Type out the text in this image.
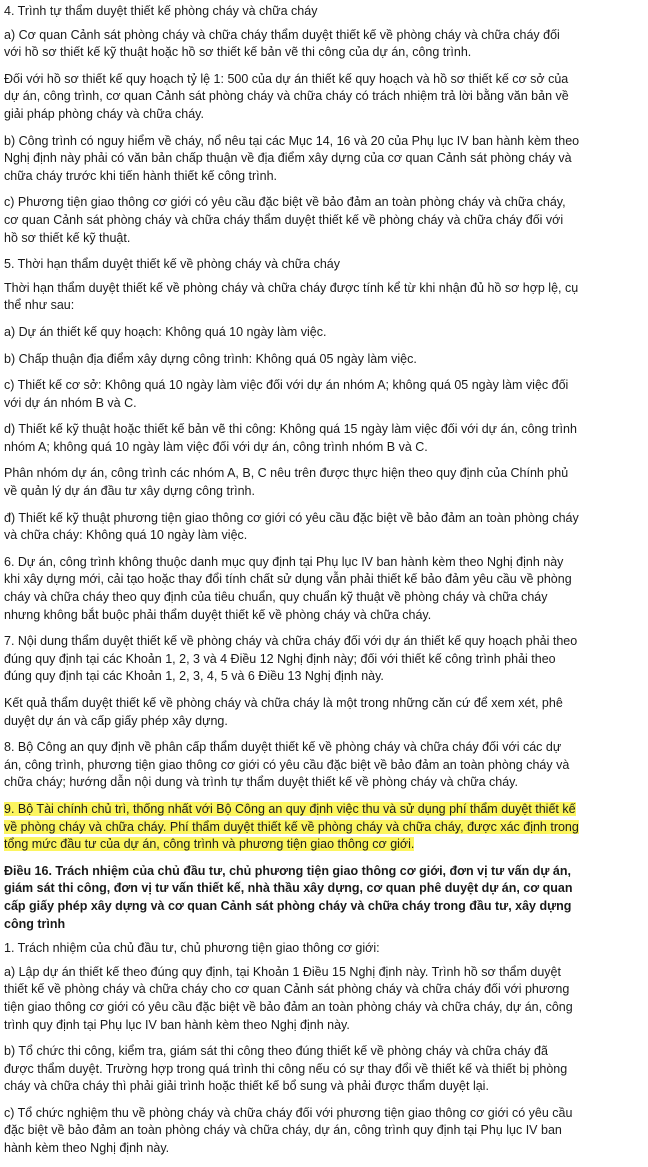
4. Trình tự thẩm duyệt thiết kế phòng cháy và chữa cháy

a) Cơ quan Cảnh sát phòng cháy và chữa cháy thẩm duyệt thiết kế về phòng cháy và chữa cháy đối với hồ sơ thiết kế kỹ thuật hoặc hồ sơ thiết kế bản vẽ thi công của dự án, công trình.

Đối với hồ sơ thiết kế quy hoạch tỷ lệ 1: 500 của dự án thiết kế quy hoạch và hồ sơ thiết kế cơ sở của dự án, công trình, cơ quan Cảnh sát phòng cháy và chữa cháy có trách nhiệm trả lời bằng văn bản về giải pháp phòng cháy và chữa cháy.

b) Công trình có nguy hiểm về cháy, nổ nêu tại các Mục 14, 16 và 20 của Phụ lục IV ban hành kèm theo Nghị định này phải có văn bản chấp thuận về địa điểm xây dựng của cơ quan Cảnh sát phòng cháy và chữa cháy trước khi tiến hành thiết kế công trình.

c) Phương tiện giao thông cơ giới có yêu cầu đặc biệt về bảo đảm an toàn phòng cháy và chữa cháy, cơ quan Cảnh sát phòng cháy và chữa cháy thẩm duyệt thiết kế về phòng cháy và chữa cháy đối với hồ sơ thiết kế kỹ thuật.

5. Thời hạn thẩm duyệt thiết kế về phòng cháy và chữa cháy

Thời hạn thẩm duyệt thiết kế về phòng cháy và chữa cháy được tính kể từ khi nhận đủ hồ sơ hợp lệ, cụ thể như sau:

a) Dự án thiết kế quy hoạch: Không quá 10 ngày làm việc.

b) Chấp thuận địa điểm xây dựng công trình: Không quá 05 ngày làm việc.

c) Thiết kế cơ sở: Không quá 10 ngày làm việc đối với dự án nhóm A; không quá 05 ngày làm việc đối với dự án nhóm B và C.

d) Thiết kế kỹ thuật hoặc thiết kế bản vẽ thi công: Không quá 15 ngày làm việc đối với dự án, công trình nhóm A; không quá 10 ngày làm việc đối với dự án, công trình nhóm B và C.

Phân nhóm dự án, công trình các nhóm A, B, C nêu trên được thực hiện theo quy định của Chính phủ về quản lý dự án đầu tư xây dựng công trình.

đ) Thiết kế kỹ thuật phương tiện giao thông cơ giới có yêu cầu đặc biệt về bảo đảm an toàn phòng cháy và chữa cháy: Không quá 10 ngày làm việc.

6. Dự án, công trình không thuộc danh mục quy định tại Phụ lục IV ban hành kèm theo Nghị định này khi xây dựng mới, cải tạo hoặc thay đổi tính chất sử dụng vẫn phải thiết kế bảo đảm yêu cầu về phòng cháy và chữa cháy theo quy định của tiêu chuẩn, quy chuẩn kỹ thuật về phòng cháy và chữa cháy nhưng không bắt buộc phải thẩm duyệt thiết kế về phòng cháy và chữa cháy.

7. Nội dung thẩm duyệt thiết kế về phòng cháy và chữa cháy đối với dự án thiết kế quy hoạch phải theo đúng quy định tại các Khoản 1, 2, 3 và 4 Điều 12 Nghị định này; đối với thiết kế công trình phải theo đúng quy định tại các Khoản 1, 2, 3, 4, 5 và 6 Điều 13 Nghị định này.

Kết quả thẩm duyệt thiết kế về phòng cháy và chữa cháy là một trong những căn cứ để xem xét, phê duyệt dự án và cấp giấy phép xây dựng.

8. Bộ Công an quy định về phân cấp thẩm duyệt thiết kế về phòng cháy và chữa cháy đối với các dự án, công trình, phương tiện giao thông cơ giới có yêu cầu đặc biệt về bảo đảm an toàn phòng cháy và chữa cháy; hướng dẫn nội dung và trình tự thẩm duyệt thiết kế về phòng cháy và chữa cháy.

9. Bộ Tài chính chủ trì, thống nhất với Bộ Công an quy định việc thu và sử dụng phí thẩm duyệt thiết kế về phòng cháy và chữa cháy. Phí thẩm duyệt thiết kế về phòng cháy và chữa cháy, được xác định trong tổng mức đầu tư của dự án, công trình và phương tiện giao thông cơ giới.

Điều 16. Trách nhiệm của chủ đầu tư, chủ phương tiện giao thông cơ giới, đơn vị tư vấn dự án, giám sát thi công, đơn vị tư vấn thiết kế, nhà thầu xây dựng, cơ quan phê duyệt dự án, cơ quan cấp giấy phép xây dựng và cơ quan Cảnh sát phòng cháy và chữa cháy trong đầu tư, xây dựng công trình

1. Trách nhiệm của chủ đầu tư, chủ phương tiện giao thông cơ giới:

a) Lập dự án thiết kế theo đúng quy định, tại Khoản 1 Điều 15 Nghị định này. Trình hồ sơ thẩm duyệt thiết kế về phòng cháy và chữa cháy cho cơ quan Cảnh sát phòng cháy và chữa cháy đối với phương tiện giao thông cơ giới có yêu cầu đặc biệt về bảo đảm an toàn phòng cháy và chữa cháy, dự án, công trình quy định tại Phụ lục IV ban hành kèm theo Nghị định này.

b) Tổ chức thi công, kiểm tra, giám sát thi công theo đúng thiết kế về phòng cháy và chữa cháy đã được thẩm duyệt. Trường hợp trong quá trình thi công nếu có sự thay đổi về thiết kế và thiết bị phòng cháy và chữa cháy thì phải giải trình hoặc thiết kế bổ sung và phải được thẩm duyệt lại.

c) Tổ chức nghiệm thu về phòng cháy và chữa cháy đối với phương tiện giao thông cơ giới có yêu cầu đặc biệt về bảo đảm an toàn phòng cháy và chữa cháy, dự án, công trình quy định tại Phụ lục IV ban hành kèm theo Nghị định này.
